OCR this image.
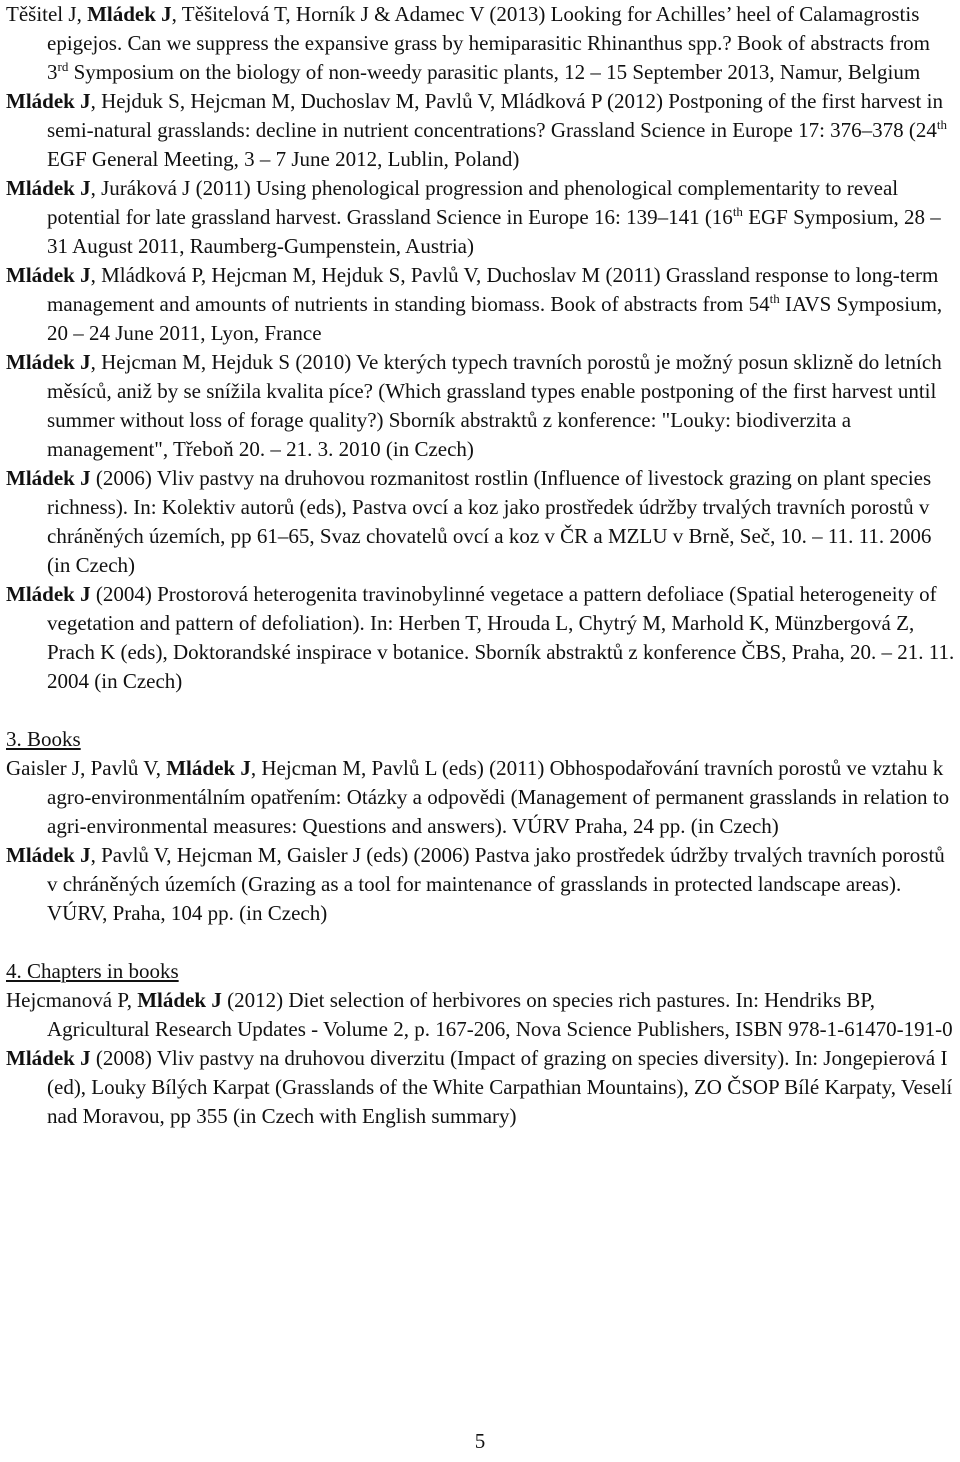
Těšitel J, Mládek J, Těšitelová T, Horník J & Adamec V (2013) Looking for Achilles’ heel of Calamagrostis epigejos. Can we suppress the expansive grass by hemiparasitic Rhinanthus spp.? Book of abstracts from 3rd Symposium on the biology of non-weedy parasitic plants, 12 – 15 September 2013, Namur, Belgium

Mládek J, Hejduk S, Hejcman M, Duchoslav M, Pavlů V, Mládková P (2012) Postponing of the first harvest in semi-natural grasslands: decline in nutrient concentrations? Grassland Science in Europe 17: 376–378 (24th EGF General Meeting, 3 – 7 June 2012, Lublin, Poland)

Mládek J, Juráková J (2011) Using phenological progression and phenological complementarity to reveal potential for late grassland harvest. Grassland Science in Europe 16: 139–141 (16th EGF Symposium, 28 – 31 August 2011, Raumberg-Gumpenstein, Austria)

Mládek J, Mládková P, Hejcman M, Hejduk S, Pavlů V, Duchoslav M (2011) Grassland response to long-term management and amounts of nutrients in standing biomass. Book of abstracts from 54th IAVS Symposium, 20 – 24 June 2011, Lyon, France

Mládek J, Hejcman M, Hejduk S (2010) Ve kterých typech travních porostů je možný posun sklizně do letních měsíců, aniž by se snížila kvalita píce? (Which grassland types enable postponing of the first harvest until summer without loss of forage quality?) Sborník abstraktů z konference: "Louky: biodiverzita a management", Třeboň 20. – 21. 3. 2010 (in Czech)

Mládek J (2006) Vliv pastvy na druhovou rozmanitost rostlin (Influence of livestock grazing on plant species richness). In: Kolektiv autorů (eds), Pastva ovcí a koz jako prostředek údržby trvalých travních porostů v chráněných územích, pp 61–65, Svaz chovatelů ovcí a koz v ČR a MZLU v Brně, Seč, 10. – 11. 11. 2006 (in Czech)

Mládek J (2004) Prostorová heterogenita travinobylinné vegetace a pattern defoliace (Spatial heterogeneity of vegetation and pattern of defoliation). In: Herben T, Hrouda L, Chytrý M, Marhold K, Münzbergová Z, Prach K (eds), Doktorandské inspirace v botanice. Sborník abstraktů z konference ČBS, Praha, 20. – 21. 11. 2004 (in Czech)

3. Books

Gaisler J, Pavlů V, Mládek J, Hejcman M, Pavlů L (eds) (2011) Obhospodařování travních porostů ve vztahu k agro-environmentálním opatřením: Otázky a odpovědi (Management of permanent grasslands in relation to agri-environmental measures: Questions and answers). VÚRV Praha, 24 pp. (in Czech)

Mládek J, Pavlů V, Hejcman M, Gaisler J (eds) (2006) Pastva jako prostředek údržby trvalých travních porostů v chráněných územích (Grazing as a tool for maintenance of grasslands in protected landscape areas). VÚRV, Praha, 104 pp. (in Czech)

4. Chapters in books

Hejcmanová P, Mládek J (2012) Diet selection of herbivores on species rich pastures. In: Hendriks BP, Agricultural Research Updates - Volume 2, p. 167-206, Nova Science Publishers, ISBN 978-1-61470-191-0

Mládek J (2008) Vliv pastvy na druhovou diverzitu (Impact of grazing on species diversity). In: Jongepierová I (ed), Louky Bílých Karpat (Grasslands of the White Carpathian Mountains), ZO ČSOP Bílé Karpaty, Veselí nad Moravou, pp 355 (in Czech with English summary)

5
